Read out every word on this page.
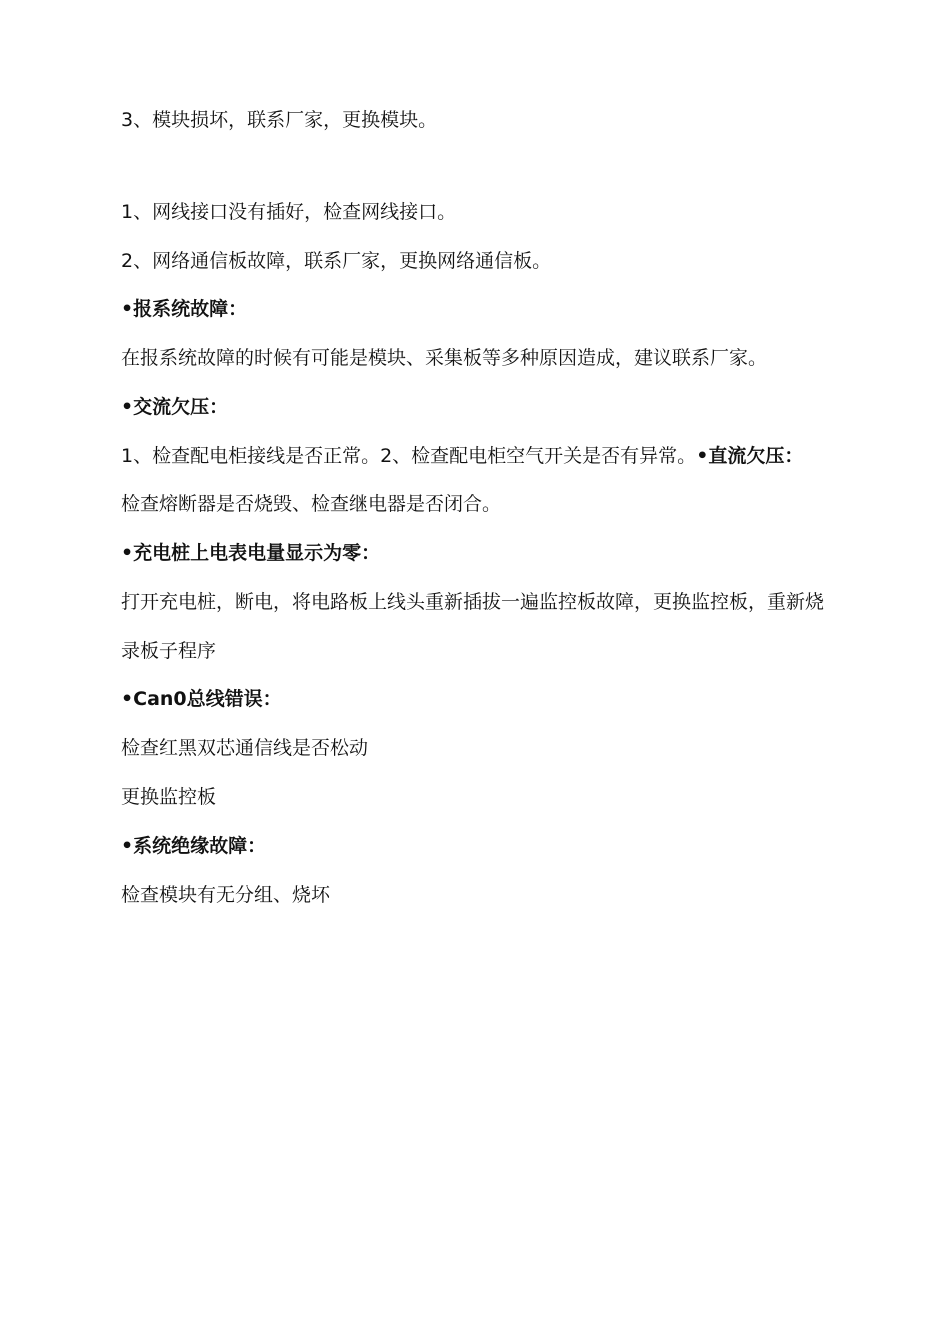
3、模块损坏，联系厂家，更换模块。
1、网线接口没有插好，检查网线接口。
2、网络通信板故障，联系厂家，更换网络通信板。
•报系统故障：
在报系统故障的时候有可能是模块、采集板等多种原因造成，建议联系厂家。
•交流欠压：
1、检查配电柜接线是否正常。2、检查配电柜空气开关是否有异常。•直流欠压：
检查熔断器是否烧毁、检查继电器是否闭合。
•充电桩上电表电量显示为零：
打开充电桩，断电，将电路板上线头重新插拔一遍监控板故障，更换监控板，重新烧
录板子程序
•Can0总线错误：
检查红黑双芯通信线是否松动
更换监控板
•系统绝缘故障：
检查模块有无分组、烧坏
